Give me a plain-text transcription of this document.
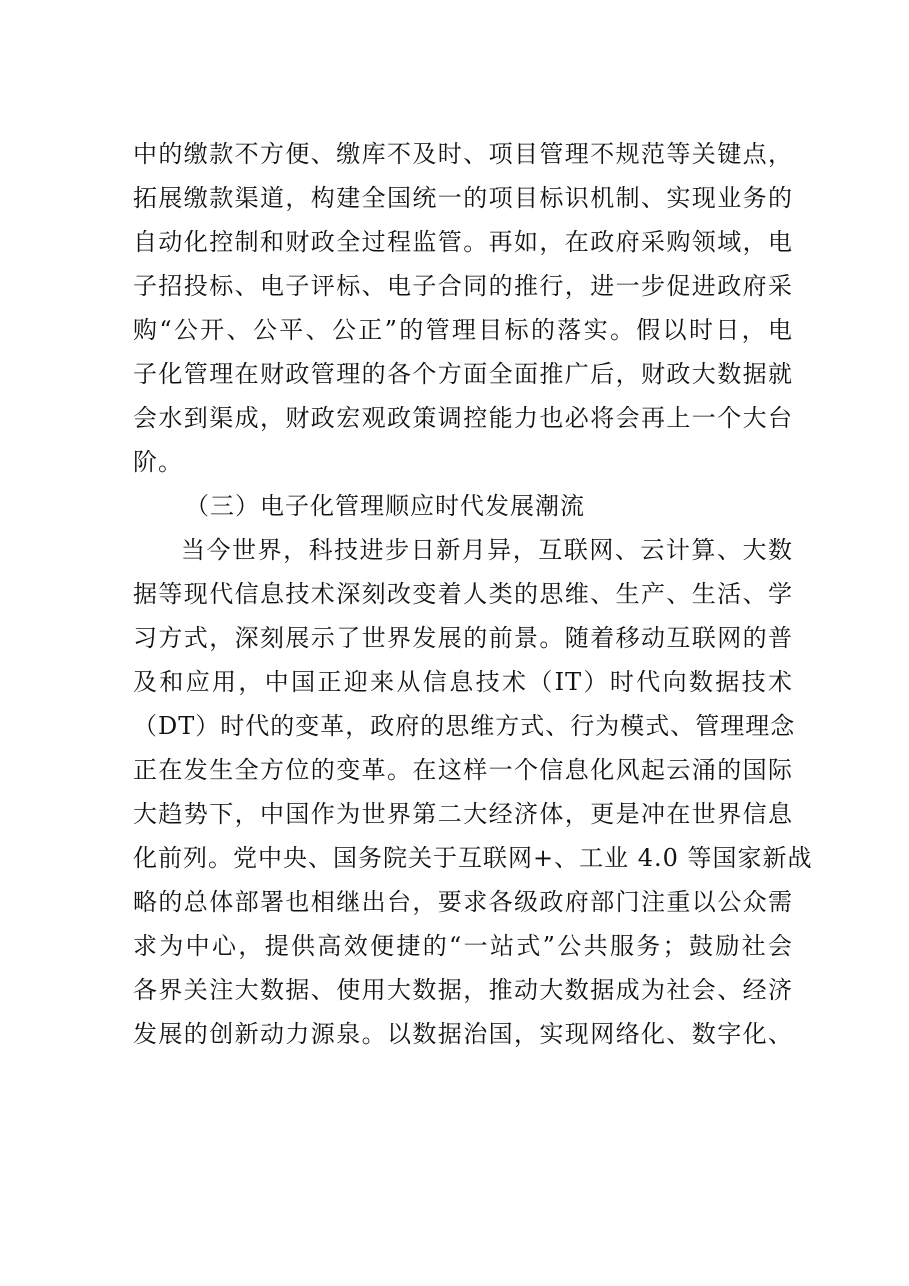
中的缴款不方便、缴库不及时、项目管理不规范等关键点，
拓展缴款渠道，构建全国统一的项目标识机制、实现业务的
自动化控制和财政全过程监管。再如，在政府采购领域，电
子招投标、电子评标、电子合同的推行，进一步促进政府采
购“公开、公平、公正”的管理目标的落实。假以时日，电
子化管理在财政管理的各个方面全面推广后，财政大数据就
会水到渠成，财政宏观政策调控能力也必将会再上一个大台
阶。
（三）电子化管理顺应时代发展潮流
当今世界，科技进步日新月异，互联网、云计算、大数
据等现代信息技术深刻改变着人类的思维、生产、生活、学
习方式，深刻展示了世界发展的前景。随着移动互联网的普
及和应用，中国正迎来从信息技术（IT）时代向数据技术
（DT）时代的变革，政府的思维方式、行为模式、管理理念
正在发生全方位的变革。在这样一个信息化风起云涌的国际
大趋势下，中国作为世界第二大经济体，更是冲在世界信息
化前列。党中央、国务院关于互联网+、工业 4.0 等国家新战
略的总体部署也相继出台，要求各级政府部门注重以公众需
求为中心，提供高效便捷的“一站式”公共服务；鼓励社会
各界关注大数据、使用大数据，推动大数据成为社会、经济
发展的创新动力源泉。以数据治国，实现网络化、数字化、
